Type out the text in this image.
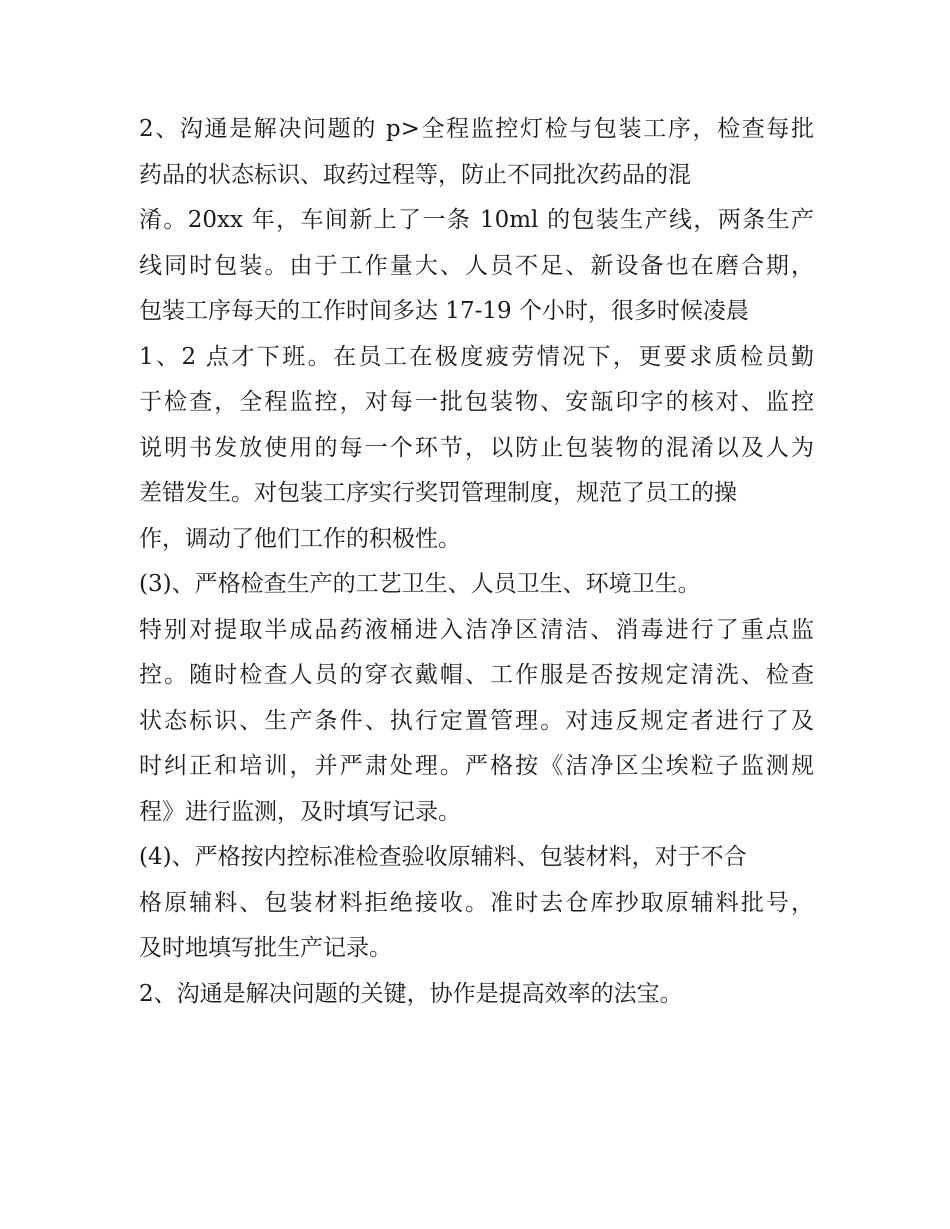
2、沟通是解决问题的 p>全程监控灯检与包装工序，检查每批
药品的状态标识、取药过程等，防止不同批次药品的混
淆。20xx 年，车间新上了一条 10ml 的包装生产线，两条生产
线同时包装。由于工作量大、人员不足、新设备也在磨合期，
包装工序每天的工作时间多达 17-19 个小时，很多时候凌晨
1、2 点才下班。在员工在极度疲劳情况下，更要求质检员勤
于检查，全程监控，对每一批包装物、安瓿印字的核对、监控
说明书发放使用的每一个环节，以防止包装物的混淆以及人为
差错发生。对包装工序实行奖罚管理制度，规范了员工的操
作，调动了他们工作的积极性。
(3)、严格检查生产的工艺卫生、人员卫生、环境卫生。
特别对提取半成品药液桶进入洁净区清洁、消毒进行了重点监
控。随时检查人员的穿衣戴帽、工作服是否按规定清洗、检查
状态标识、生产条件、执行定置管理。对违反规定者进行了及
时纠正和培训，并严肃处理。严格按《洁净区尘埃粒子监测规
程》进行监测，及时填写记录。
(4)、严格按内控标准检查验收原辅料、包装材料，对于不合
格原辅料、包装材料拒绝接收。准时去仓库抄取原辅料批号，
及时地填写批生产记录。
2、沟通是解决问题的关键，协作是提高效率的法宝。
